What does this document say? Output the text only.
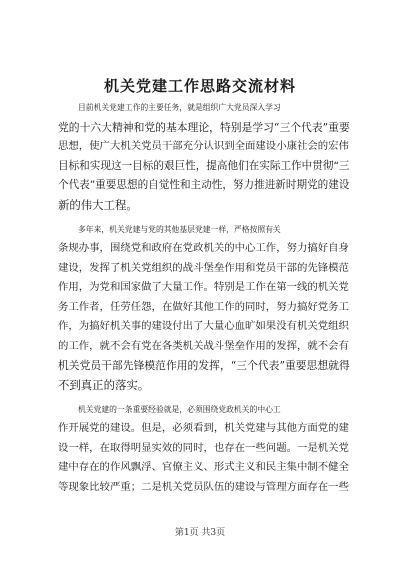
机关党建工作思路交流材料
目前机关党建工作的主要任务，就是组织广大党员深入学习
党的十六大精神和党的基本理论，特别是学习“三个代表”重要
思想，使广大机关党员干部充分认识到全面建设小康社会的宏伟
目标和实现这一目标的艰巨性，提高他们在实际工作中贯彻“三
个代表”重要思想的自觉性和主动性，努力推进新时期党的建设
新的伟大工程。
多年来，机关党建与党的其他基层党建一样，严格按照有关
条规办事，围绕党和政府在党政机关的中心工作，努力搞好自身
建设，发挥了机关党组织的战斗堡垒作用和党员干部的先锋模范
作用，为党和国家做了大量工作。特别是工作在第一线的机关党
务工作者，任劳任怨，在做好其他工作的同时，努力搞好党务工
作，为搞好机关事的建设付出了大量心血旷如果没有机关党组织
的工作，就不会有党在各类机关战斗堡垒作用的发挥，就不会有
机关党员干部先锋模范作用的发挥，“三个代表”重要思想就得
不到真正的落实。
机关党建的一条重要经验就是，必须围绕党政机关的中心工
作开展党的建设。但是，必须看到，机关党建与其他方面党的建
设一样，在取得明显实效的同时，也存在一些问题。一是机关党
建中存在的作风飘浮、官僚主义、形式主义和民主集中制不健全
等现象比较严重；二是机关党员队伍的建设与管理方面存在一些
第1页 共3页
